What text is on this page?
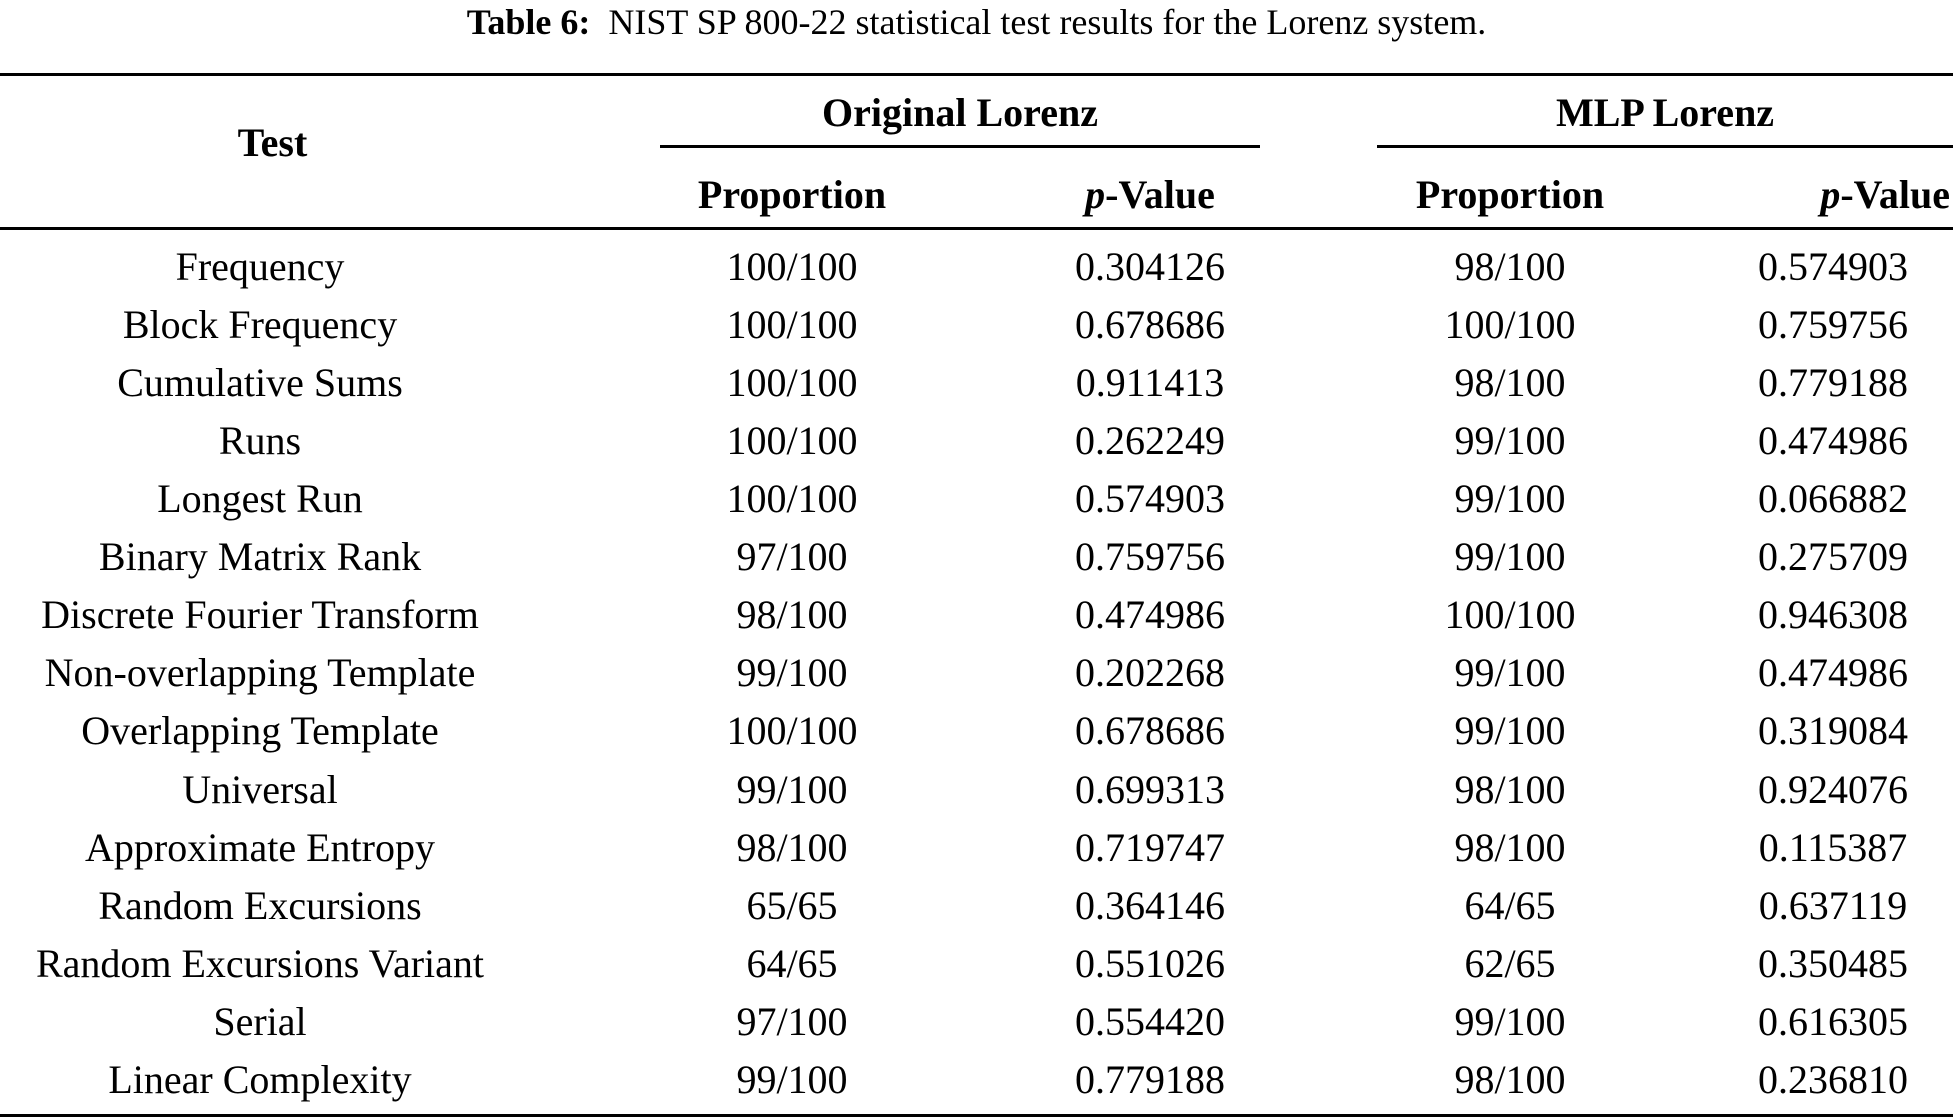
Table 6: NIST SP 800-22 statistical test results for the Lorenz system.
Test
Original Lorenz	MLP Lorenz
Proportion	p-Value	Proportion	p-Value
Frequency	100/100	0.304126	98/100	0.574903
Block Frequency	100/100	0.678686	100/100	0.759756
Cumulative Sums	100/100	0.911413	98/100	0.779188
Runs	100/100	0.262249	99/100	0.474986
Longest Run	100/100	0.574903	99/100	0.066882
Binary Matrix Rank	97/100	0.759756	99/100	0.275709
Discrete Fourier Transform	98/100	0.474986	100/100	0.946308
Non-overlapping Template	99/100	0.202268	99/100	0.474986
Overlapping Template	100/100	0.678686	99/100	0.319084
Universal	99/100	0.699313	98/100	0.924076
Approximate Entropy	98/100	0.719747	98/100	0.115387
Random Excursions	65/65	0.364146	64/65	0.637119
Random Excursions Variant	64/65	0.551026	62/65	0.350485
Serial	97/100	0.554420	99/100	0.616305
Linear Complexity	99/100	0.779188	98/100	0.236810
